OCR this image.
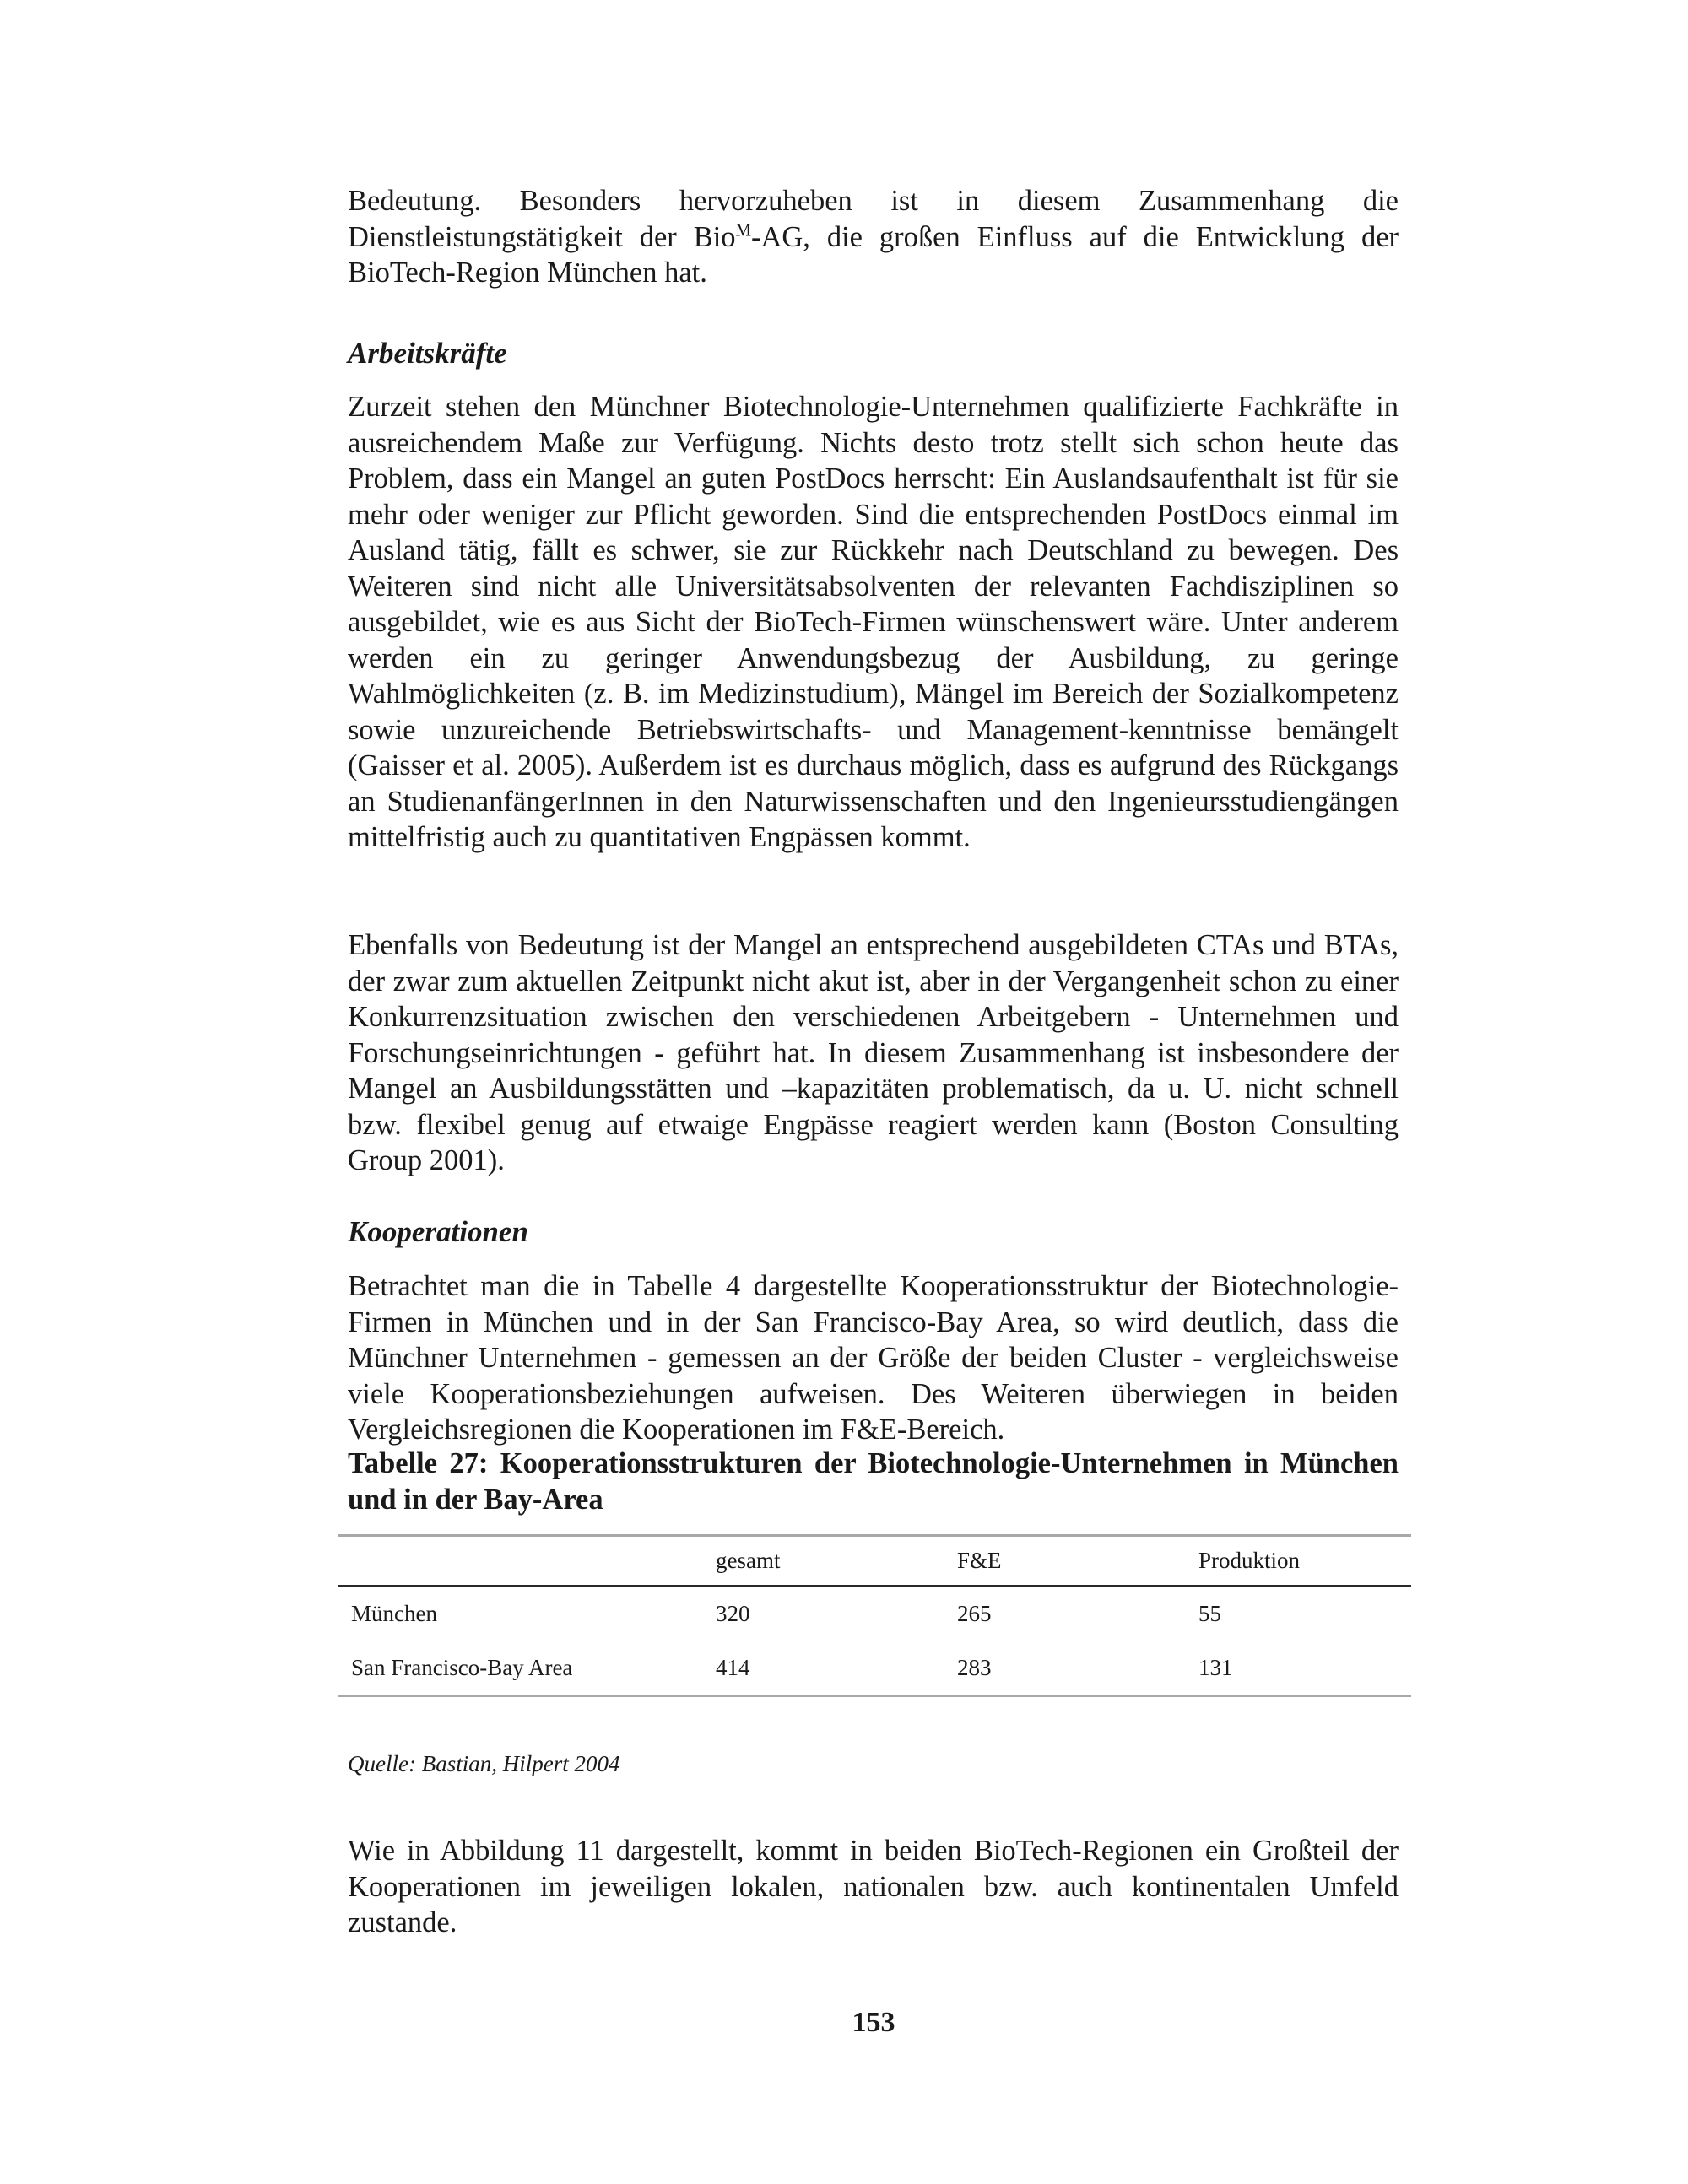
Bedeutung. Besonders hervorzuheben ist in diesem Zusammenhang die Dienstleistungstätigkeit der Bio$^M$-AG, die großen Einfluss auf die Entwicklung der BioTech-Region München hat.

Arbeitskräfte

Zurzeit stehen den Münchner Biotechnologie-Unternehmen qualifizierte Fachkräfte in ausreichendem Maße zur Verfügung. Nichts desto trotz stellt sich schon heute das Problem, dass ein Mangel an guten PostDocs herrscht: Ein Auslandsaufenthalt ist für sie mehr oder weniger zur Pflicht geworden. Sind die entsprechenden PostDocs einmal im Ausland tätig, fällt es schwer, sie zur Rückkehr nach Deutschland zu bewegen. Des Weiteren sind nicht alle Universitätsabsolventen der relevanten Fachdisziplinen so ausgebildet, wie es aus Sicht der BioTech-Firmen wünschenswert wäre. Unter anderem werden ein zu geringer Anwendungsbezug der Ausbildung, zu geringe Wahlmöglichkeiten (z. B. im Medizinstudium), Mängel im Bereich der Sozialkompetenz sowie unzureichende Betriebswirtschafts- und Management-kenntnisse bemängelt (Gaisser et al. 2005). Außerdem ist es durchaus möglich, dass es aufgrund des Rückgangs an StudienanfängerInnen in den Naturwissenschaften und den Ingenieursstudiengängen mittelfristig auch zu quantitativen Engpässen kommt.

Ebenfalls von Bedeutung ist der Mangel an entsprechend ausgebildeten CTAs und BTAs, der zwar zum aktuellen Zeitpunkt nicht akut ist, aber in der Vergangenheit schon zu einer Konkurrenzsituation zwischen den verschiedenen Arbeitgebern - Unternehmen und Forschungseinrichtungen - geführt hat. In diesem Zusammenhang ist insbesondere der Mangel an Ausbildungsstätten und –kapazitäten problematisch, da u. U. nicht schnell bzw. flexibel genug auf etwaige Engpässe reagiert werden kann (Boston Consulting Group 2001).

Kooperationen

Betrachtet man die in Tabelle 4 dargestellte Kooperationsstruktur der Biotechnologie-Firmen in München und in der San Francisco-Bay Area, so wird deutlich, dass die Münchner Unternehmen - gemessen an der Größe der beiden Cluster - vergleichsweise viele Kooperationsbeziehungen aufweisen. Des Weiteren überwiegen in beiden Vergleichsregionen die Kooperationen im F&E-Bereich.

Tabelle 27: Kooperationsstrukturen der Biotechnologie-Unternehmen in München und in der Bay-Area

	gesamt	F&E	Produktion
München	320	265	55
San Francisco-Bay Area	414	283	131

Quelle: Bastian, Hilpert 2004

Wie in Abbildung 11 dargestellt, kommt in beiden BioTech-Regionen ein Großteil der Kooperationen im jeweiligen lokalen, nationalen bzw. auch kontinentalen Umfeld zustande.

153
